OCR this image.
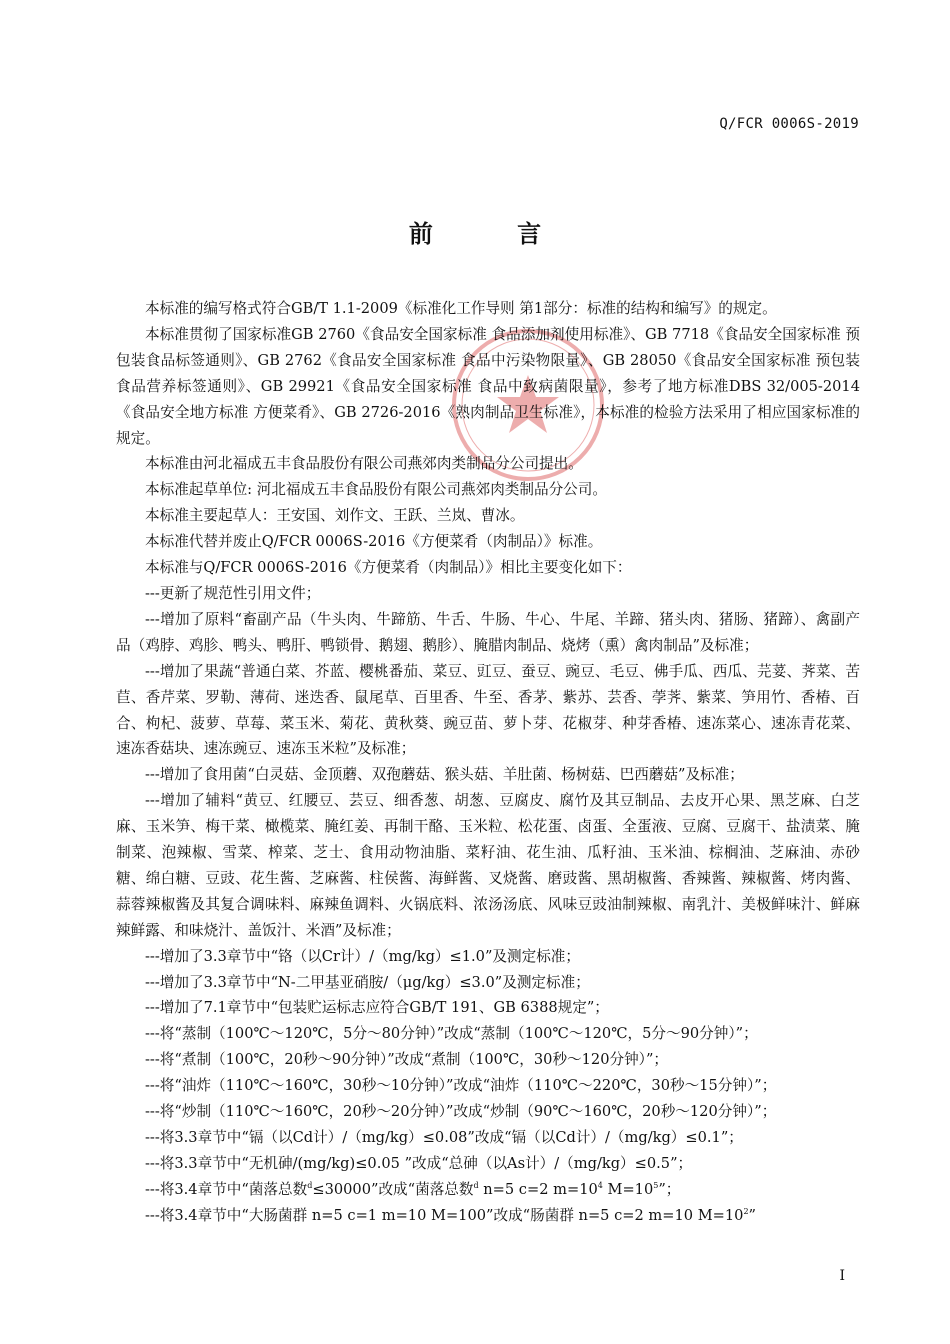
Q/FCR 0006S-2019
前 言

本标准的编写格式符合GB/T 1.1-2009《标准化工作导则 第1部分：标准的结构和编写》的规定。

本标准贯彻了国家标准GB 2760《食品安全国家标准 食品添加剂使用标准》、GB 7718《食品安全国家标准 预包装食品标签通则》、GB 2762《食品安全国家标准 食品中污染物限量》、GB 28050《食品安全国家标准 预包装食品营养标签通则》、GB 29921《食品安全国家标准 食品中致病菌限量》，参考了地方标准DBS 32/005-2014《食品安全地方标准 方便菜肴》、GB 2726-2016《熟肉制品卫生标准》，本标准的检验方法采用了相应国家标准的规定。

本标准由河北福成五丰食品股份有限公司燕郊肉类制品分公司提出。

本标准起草单位: 河北福成五丰食品股份有限公司燕郊肉类制品分公司。

本标准主要起草人：王安国、刘作文、王跃、兰岚、曹冰。

本标准代替并废止Q/FCR 0006S-2016《方便菜肴（肉制品）》标准。

本标准与Q/FCR 0006S-2016《方便菜肴（肉制品）》相比主要变化如下：

---更新了规范性引用文件；

---增加了原料“畜副产品（牛头肉、牛蹄筋、牛舌、牛肠、牛心、牛尾、羊蹄、猪头肉、猪肠、猪蹄）、禽副产品（鸡脖、鸡胗、鸭头、鸭肝、鸭锁骨、鹅翅、鹅胗）、腌腊肉制品、烧烤（熏）禽肉制品”及标准；

---增加了果蔬“普通白菜、芥蓝、樱桃番茄、菜豆、豇豆、蚕豆、豌豆、毛豆、佛手瓜、西瓜、芫荽、荠菜、苦苣、香芹菜、罗勒、薄荷、迷迭香、鼠尾草、百里香、牛至、香茅、紫苏、芸香、荸荠、紫菜、笋用竹、香椿、百合、枸杞、菠萝、草莓、菜玉米、菊花、黄秋葵、豌豆苗、萝卜芽、花椒芽、种芽香椿、速冻菜心、速冻青花菜、速冻香菇块、速冻豌豆、速冻玉米粒”及标准；

---增加了食用菌“白灵菇、金顶蘑、双孢蘑菇、猴头菇、羊肚菌、杨树菇、巴西蘑菇”及标准；

---增加了辅料“黄豆、红腰豆、芸豆、细香葱、胡葱、豆腐皮、腐竹及其豆制品、去皮开心果、黑芝麻、白芝麻、玉米笋、梅干菜、橄榄菜、腌红姜、再制干酪、玉米粒、松花蛋、卤蛋、全蛋液、豆腐、豆腐干、盐渍菜、腌制菜、泡辣椒、雪菜、榨菜、芝士、食用动物油脂、菜籽油、花生油、瓜籽油、玉米油、棕榈油、芝麻油、赤砂糖、绵白糖、豆豉、花生酱、芝麻酱、柱侯酱、海鲜酱、叉烧酱、磨豉酱、黑胡椒酱、香辣酱、辣椒酱、烤肉酱、蒜蓉辣椒酱及其复合调味料、麻辣鱼调料、火锅底料、浓汤汤底、风味豆豉油制辣椒、南乳汁、美极鲜味汁、鲜麻辣鲜露、和味烧汁、盖饭汁、米酒”及标准；

---增加了3.3章节中“铬（以Cr计）/（mg/kg）≤1.0”及测定标准；

---增加了3.3章节中“N-二甲基亚硝胺/（μg/kg）≤3.0”及测定标准；

---增加了7.1章节中“包装贮运标志应符合GB/T 191、GB 6388规定”；

---将“蒸制（100℃～120℃，5分～80分钟）”改成“蒸制（100℃～120℃，5分～90分钟）”；

---将“煮制（100℃，20秒～90分钟）”改成“煮制（100℃，30秒～120分钟）”；

---将“油炸（110℃～160℃，30秒～10分钟）”改成“油炸（110℃～220℃，30秒～15分钟）”；

---将“炒制（110℃～160℃，20秒～20分钟）”改成“炒制（90℃～160℃，20秒～120分钟）”；

---将3.3章节中“镉（以Cd计）/（mg/kg）≤0.08”改成“镉（以Cd计）/（mg/kg）≤0.1”；

---将3.3章节中“无机砷/(mg/kg)≤0.05 ”改成“总砷（以As计）/（mg/kg）≤0.5”；

---将3.4章节中“菌落总数$^d$≤30000”改成“菌落总数$^d$ n=5 c=2 $m=10^4$ $M=10^5$”；

---将3.4章节中“大肠菌群 n=5 c=1 m=10 M=100”改成“肠菌群 n=5 c=2 m=10 $M=10^2$”

I
